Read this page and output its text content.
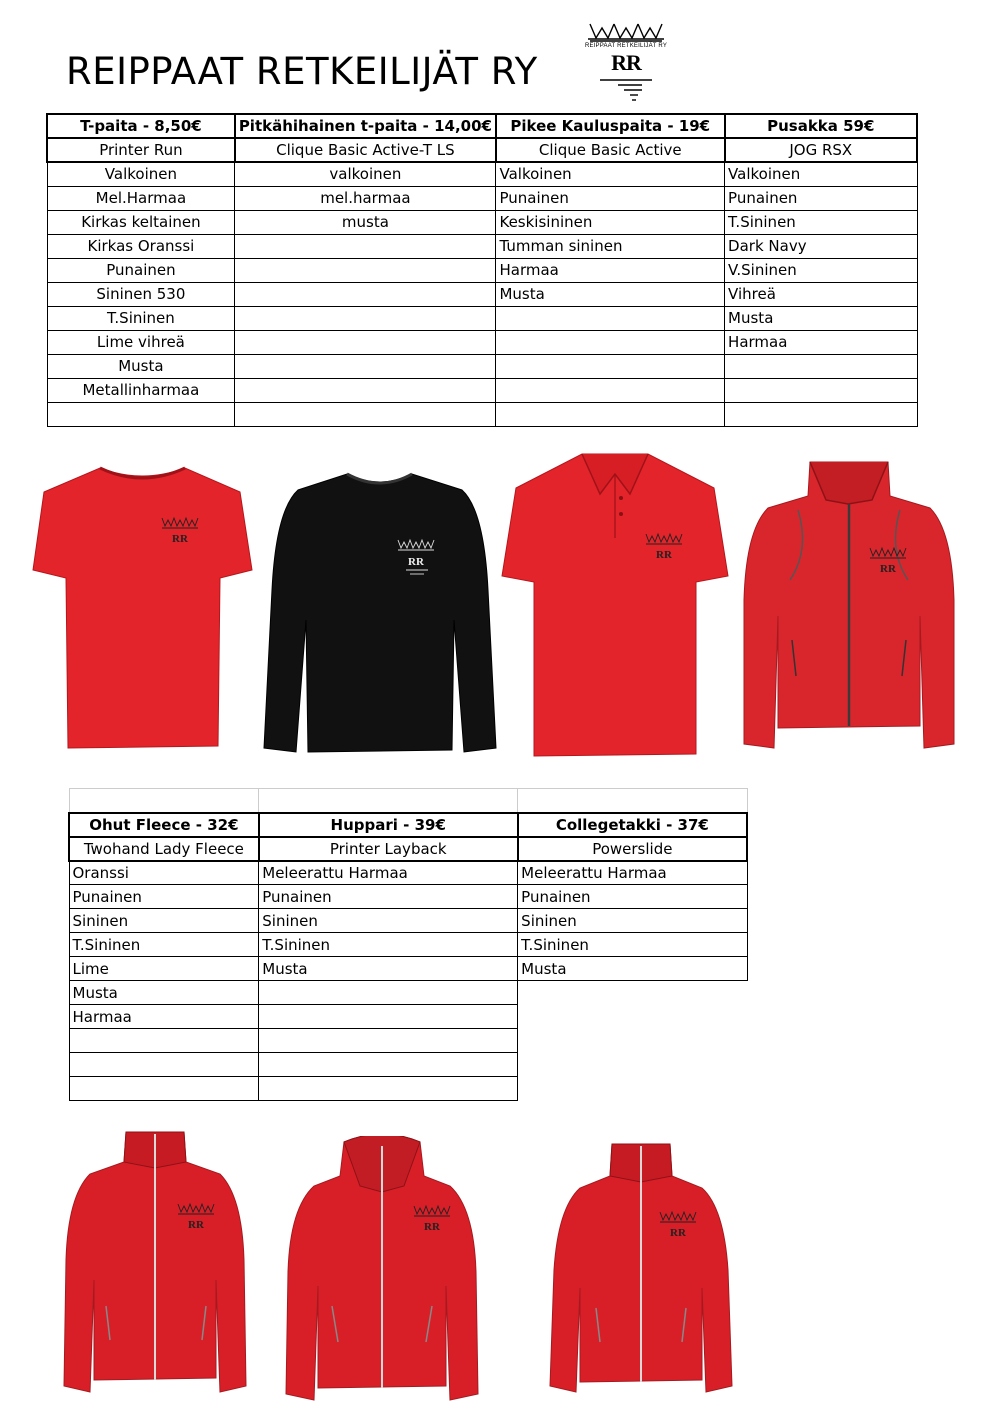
REIPPAAT RETKEILIJÄT RY
REIPPAAT RETKEILIJÄT RY
RR
T-paita - 8,50€	Pitkähihainen t-paita - 14,00€	Pikee Kauluspaita - 19€	Pusakka 59€
Printer Run	Clique Basic Active-T LS	Clique Basic Active	JOG RSX
Valkoinen	valkoinen	Valkoinen	Valkoinen
Mel.Harmaa	mel.harmaa	Punainen	Punainen
Kirkas keltainen	musta	Keskisininen	T.Sininen
Kirkas Oranssi		Tumman sininen	Dark Navy
Punainen		Harmaa	V.Sininen
Sininen 530		Musta	Vihreä
T.Sininen			Musta
Lime vihreä			Harmaa
Musta			
Metallinharmaa			

RR
RR
RR
RR

Ohut Fleece - 32€	Huppari - 39€	Collegetakki - 37€
Twohand Lady Fleece	Printer Layback	Powerslide
Oranssi	Meleerattu Harmaa	Meleerattu Harmaa
Punainen	Punainen	Punainen
Sininen	Sininen	Sininen
T.Sininen	T.Sininen	T.Sininen
Lime	Musta	Musta
Musta		
Harmaa		

RR	RR	RR
